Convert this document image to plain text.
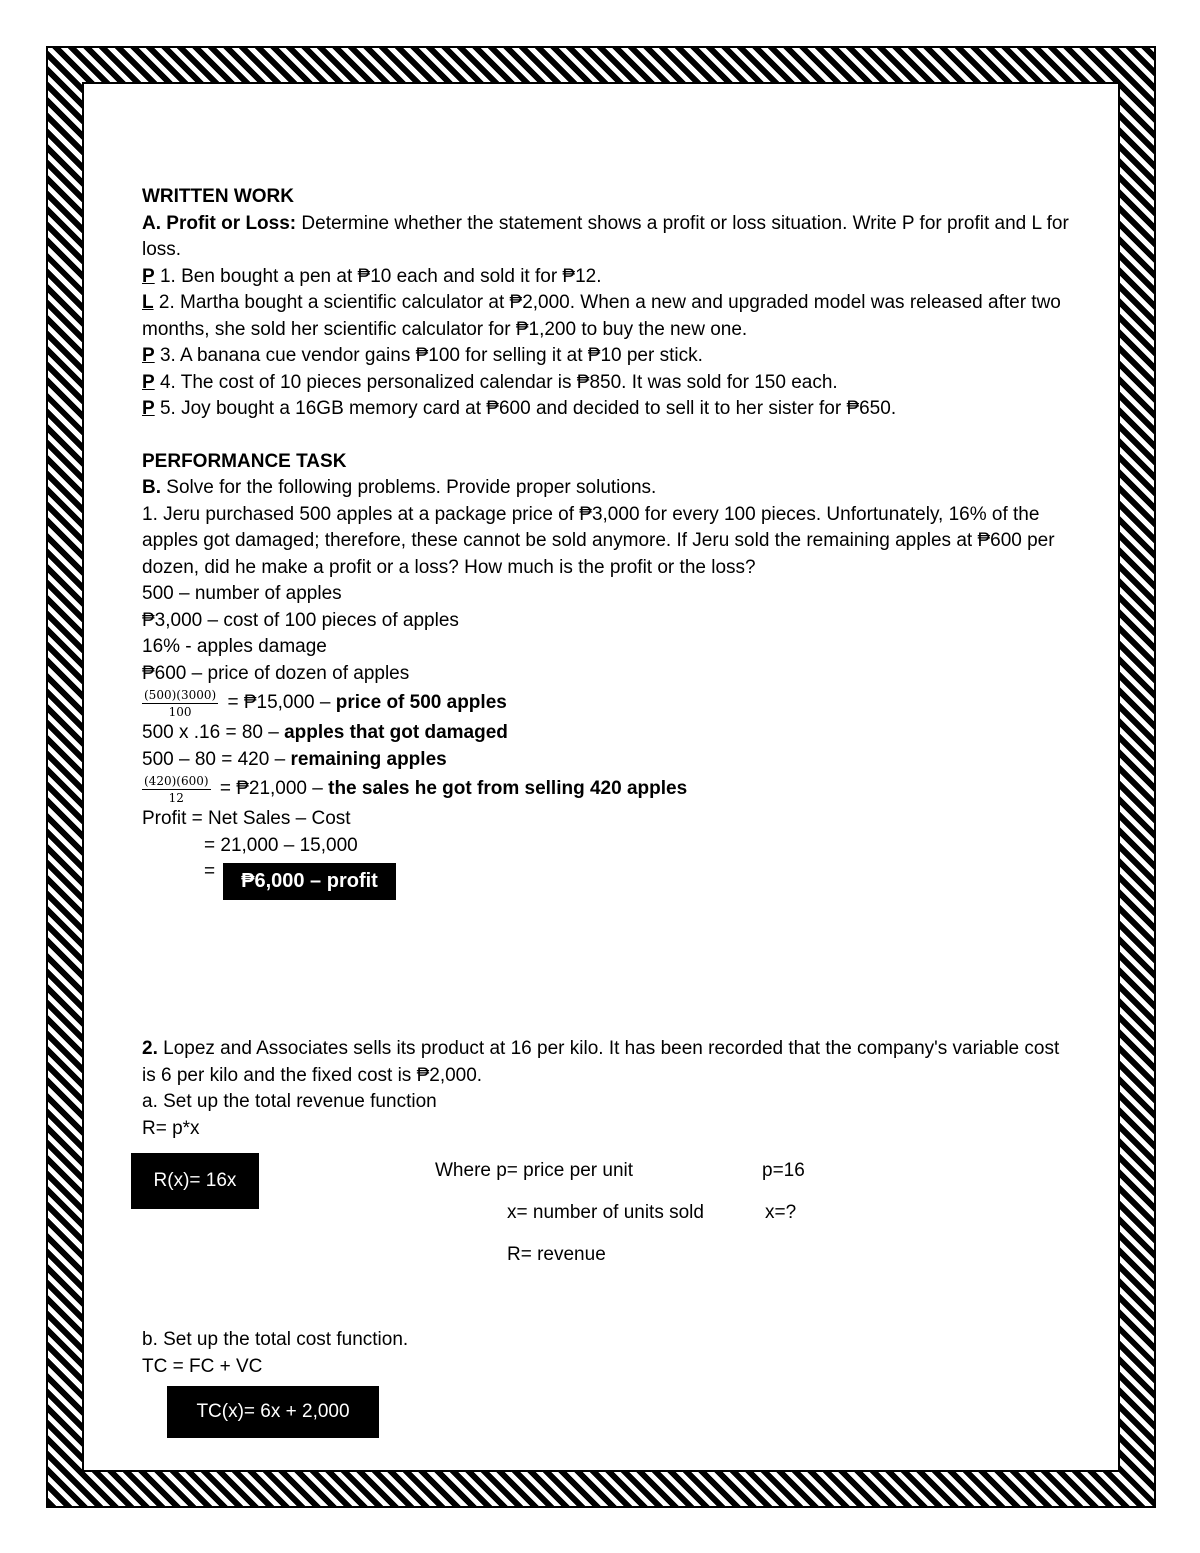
WRITTEN WORK

A. Profit or Loss: Determine whether the statement shows a profit or loss situation. Write P for profit and L for loss.

P 1. Ben bought a pen at ₱10 each and sold it for ₱12.

L 2. Martha bought a scientific calculator at ₱2,000. When a new and upgraded model was released after two months, she sold her scientific calculator for ₱1,200 to buy the new one.

P 3. A banana cue vendor gains ₱100 for selling it at ₱10 per stick.

P 4. The cost of 10 pieces personalized calendar is ₱850. It was sold for 150 each.

P 5. Joy bought a 16GB memory card at ₱600 and decided to sell it to her sister for ₱650.

PERFORMANCE TASK

B. Solve for the following problems. Provide proper solutions.

1. Jeru purchased 500 apples at a package price of ₱3,000 for every 100 pieces. Unfortunately, 16% of the apples got damaged; therefore, these cannot be sold anymore. If Jeru sold the remaining apples at ₱600 per dozen, did he make a profit or a loss? How much is the profit or the loss?

500 – number of apples

₱3,000 – cost of 100 pieces of apples

16% - apples damage

₱600 – price of dozen of apples

$\frac{(500)(3000)}{100}$ = ₱15,000 – price of 500 apples

500 x .16 = 80 – apples that got damaged

500 – 80 = 420 – remaining apples

$\frac{(420)(600)}{12}$ = ₱21,000 – the sales he got from selling 420 apples

Profit = Net Sales – Cost

= 21,000 – 15,000

=	₱6,000 – profit

2. Lopez and Associates sells its product at 16 per kilo. It has been recorded that the company's variable cost is 6 per kilo and the fixed cost is ₱2,000.

a. Set up the total revenue function

R= p*x

R(x)= 16x	Where p= price per unit	p=16
x= number of units sold	x=?
R= revenue

b. Set up the total cost function.

TC = FC + VC

TC(x)= 6x + 2,000
